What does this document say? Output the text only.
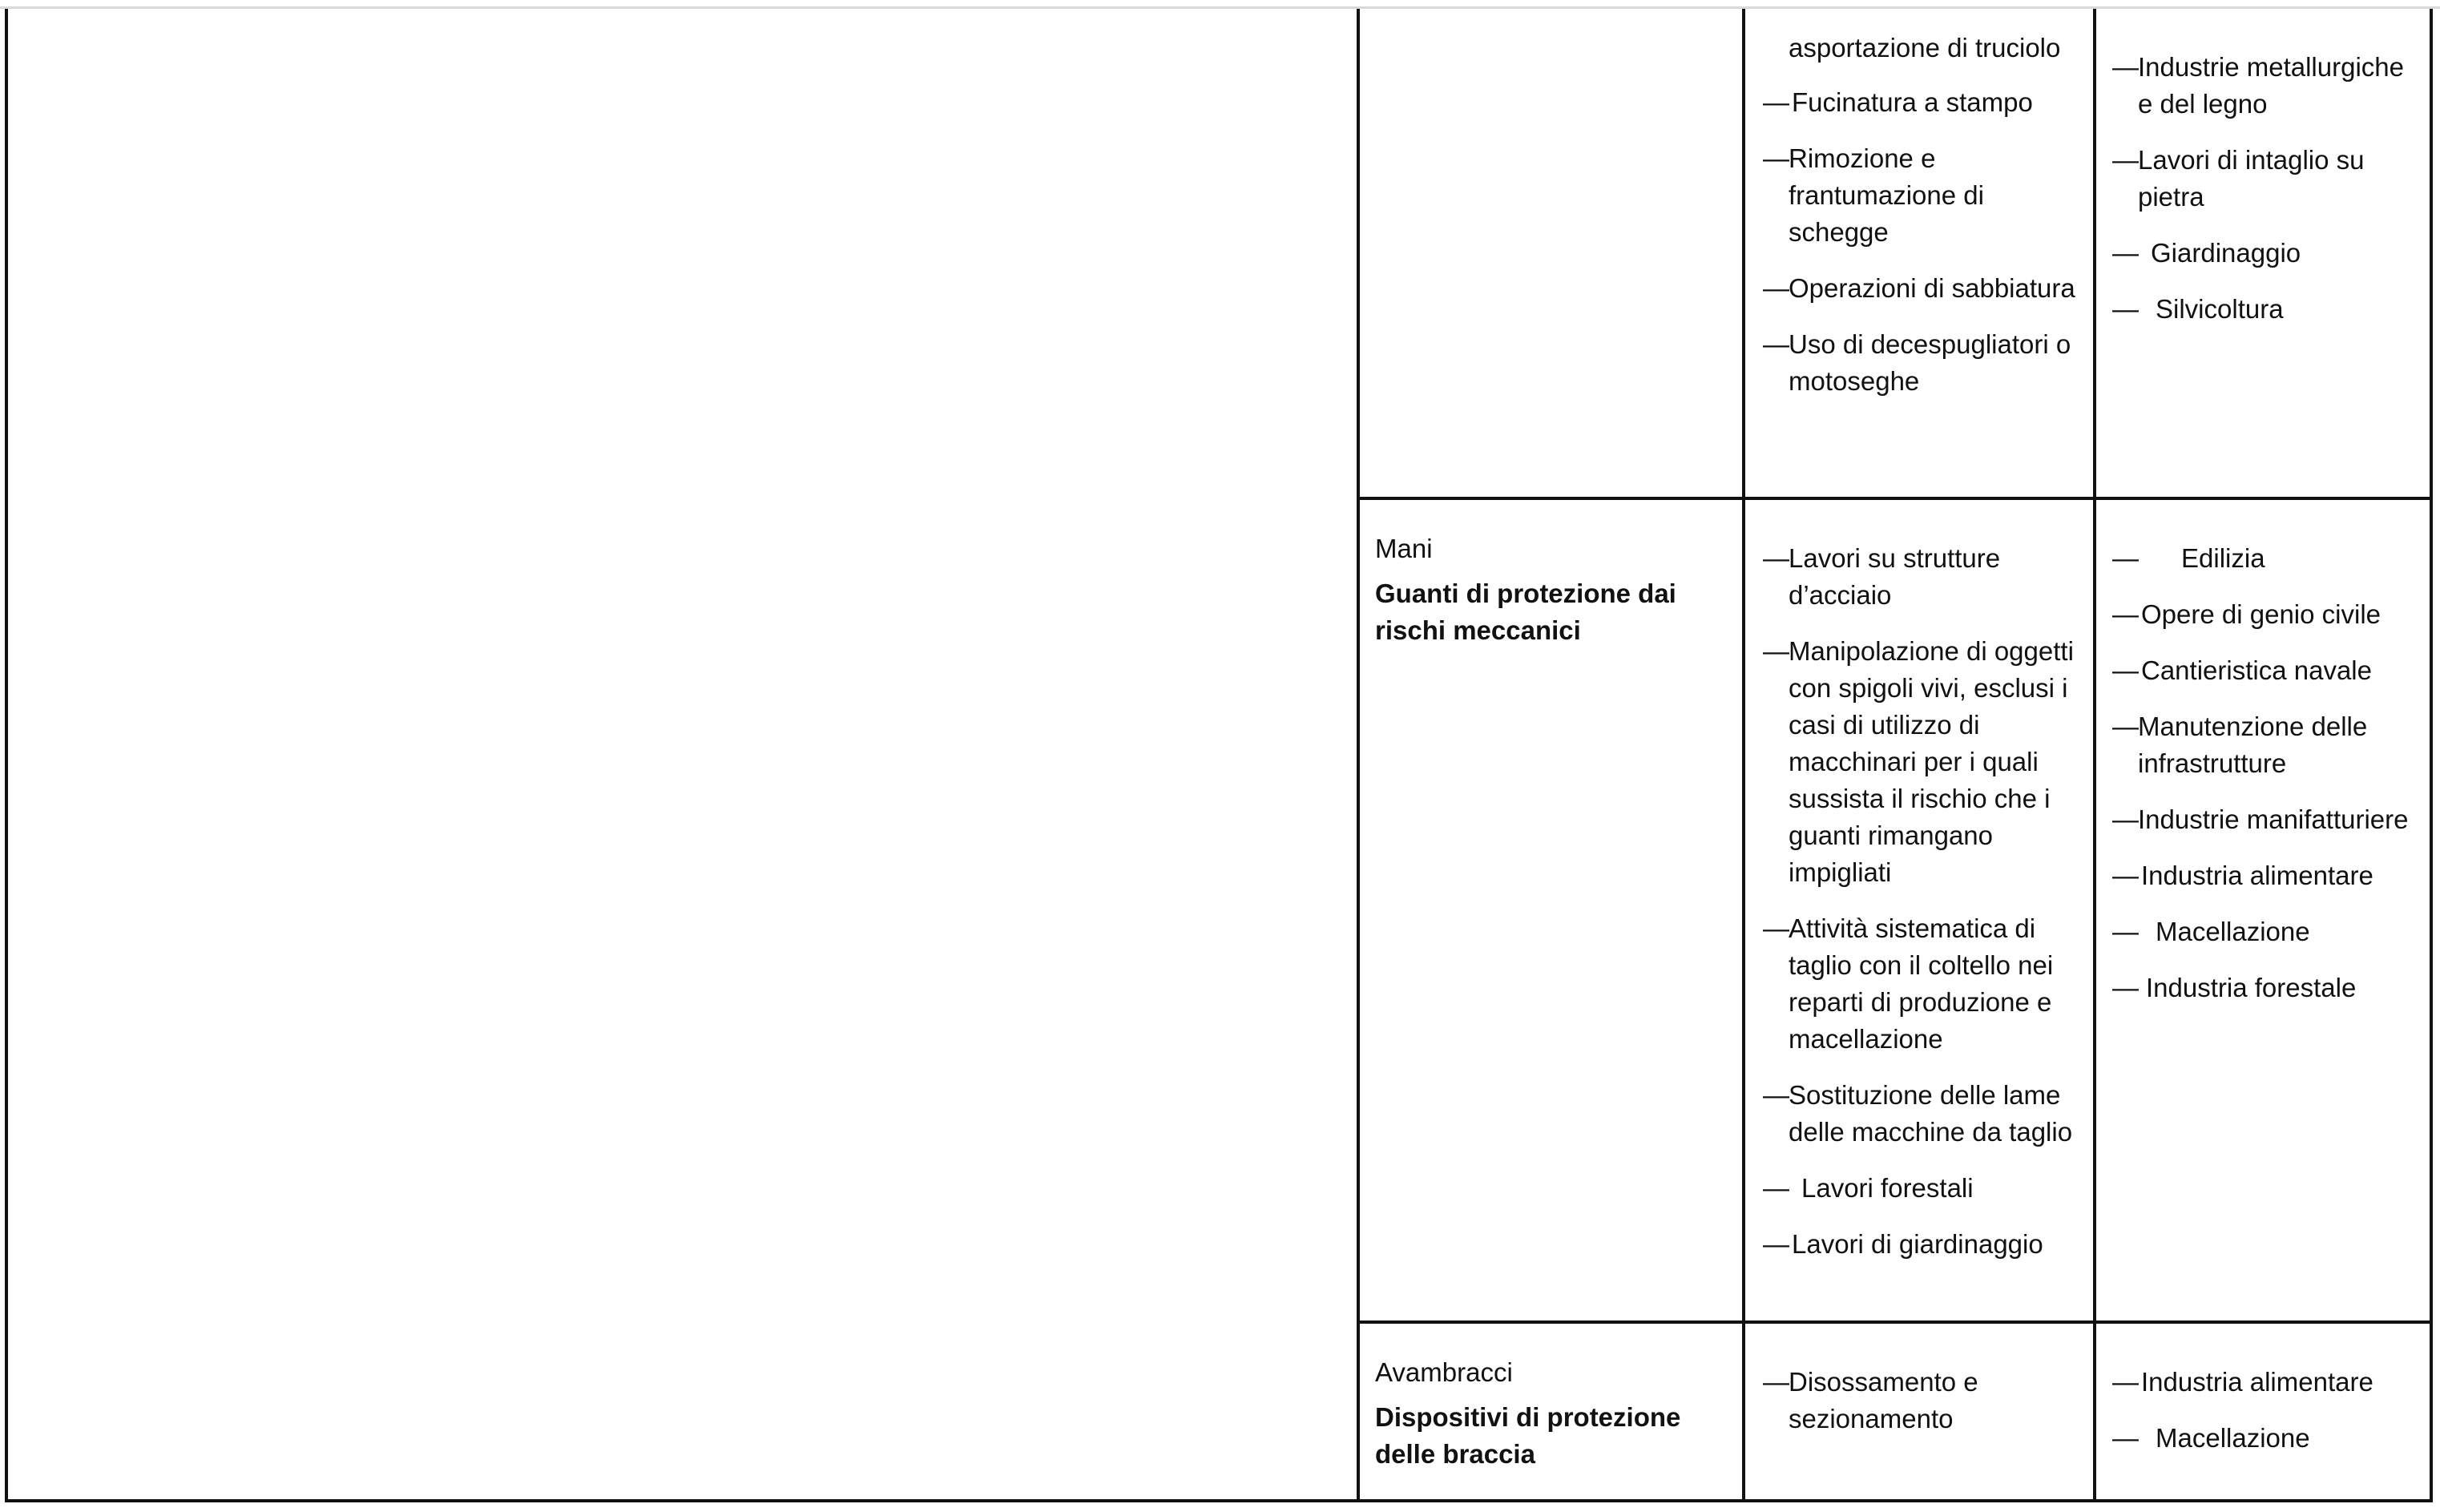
asportazione di truciolo
— Fucinatura a stampo
— Rimozione e frantumazione di schegge
— Operazioni di sabbiatura
— Uso di decespugliatori o motoseghe
— Industrie metallurgiche e del legno
— Lavori di intaglio su pietra
— Giardinaggio
— Silvicoltura
Mani
Guanti di protezione dai rischi meccanici
— Lavori su strutture d’acciaio
— Manipolazione di oggetti con spigoli vivi, esclusi i casi di utilizzo di macchinari per i quali sussista il rischio che i guanti rimangano impigliati
— Attività sistematica di taglio con il coltello nei reparti di produzione e macellazione
— Sostituzione delle lame delle macchine da taglio
— Lavori forestali
— Lavori di giardinaggio
—	Edilizia
— Opere di genio civile
— Cantieristica navale
— Manutenzione delle infrastrutture
— Industrie manifatturiere
— Industria alimentare
— Macellazione
— Industria forestale
Avambracci
Dispositivi di protezione delle braccia
— Disossamento e sezionamento
— Industria alimentare
— Macellazione
